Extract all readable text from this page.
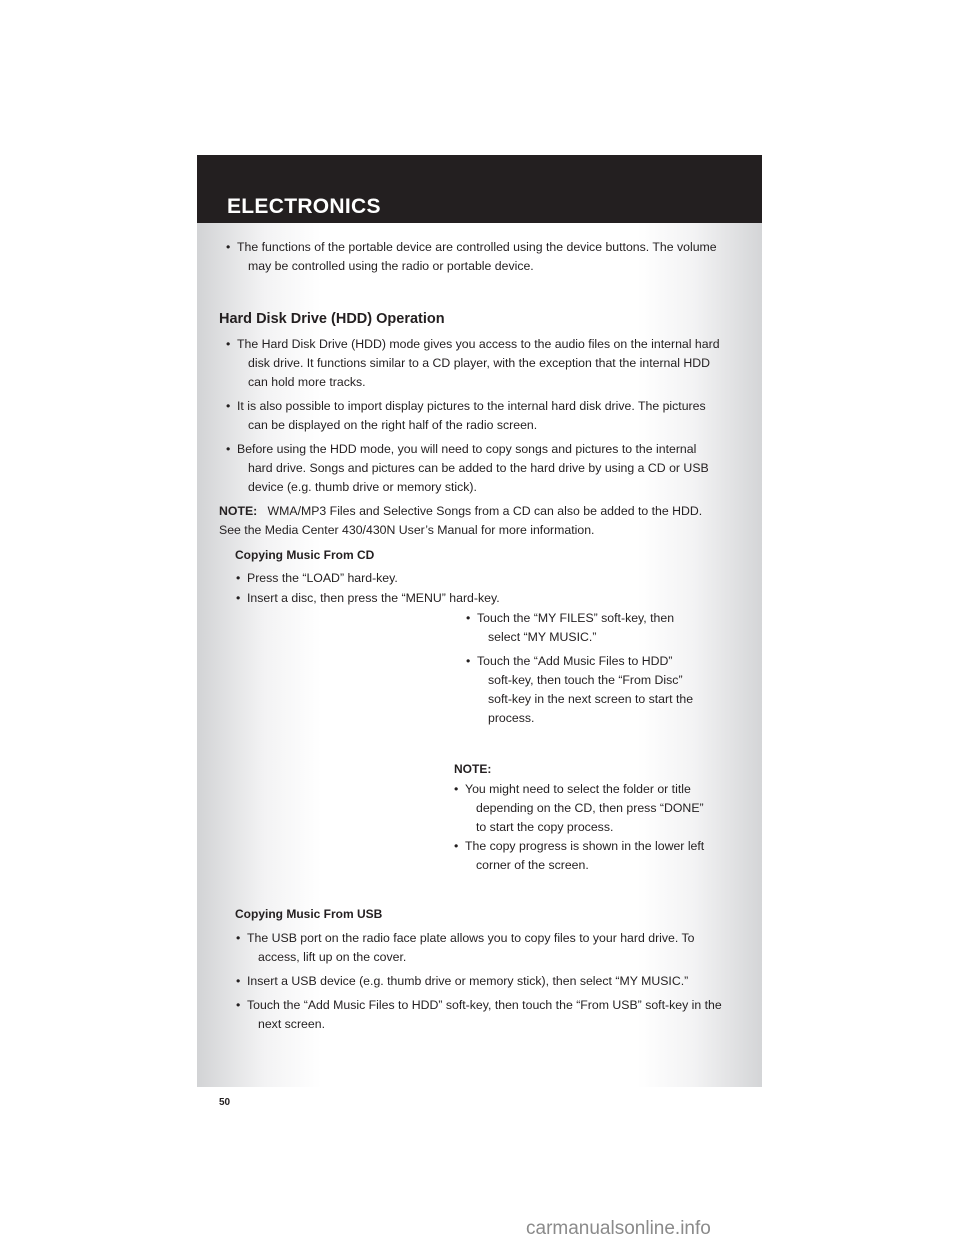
ELECTRONICS
• The functions of the portable device are controlled using the device buttons. The volume
may be controlled using the radio or portable device.
Hard Disk Drive (HDD) Operation
• The Hard Disk Drive (HDD) mode gives you access to the audio files on the internal hard
disk drive. It functions similar to a CD player, with the exception that the internal HDD
can hold more tracks.
• It is also possible to import display pictures to the internal hard disk drive. The pictures
can be displayed on the right half of the radio screen.
• Before using the HDD mode, you will need to copy songs and pictures to the internal
hard drive. Songs and pictures can be added to the hard drive by using a CD or USB
device (e.g. thumb drive or memory stick).
NOTE: WMA/MP3 Files and Selective Songs from a CD can also be added to the HDD.
See the Media Center 430/430N User’s Manual for more information.
Copying Music From CD
• Press the “LOAD” hard-key.
• Insert a disc, then press the “MENU” hard-key.
• Touch the “MY FILES” soft-key, then
select “MY MUSIC.”
• Touch the “Add Music Files to HDD”
soft-key, then touch the “From Disc”
soft-key in the next screen to start the
process.
NOTE:
• You might need to select the folder or title
depending on the CD, then press “DONE”
to start the copy process.
• The copy progress is shown in the lower left
corner of the screen.
Copying Music From USB
• The USB port on the radio face plate allows you to copy files to your hard drive. To
access, lift up on the cover.
• Insert a USB device (e.g. thumb drive or memory stick), then select “MY MUSIC.”
• Touch the “Add Music Files to HDD” soft-key, then touch the “From USB” soft-key in the
next screen.
50
carmanualsonline.info
